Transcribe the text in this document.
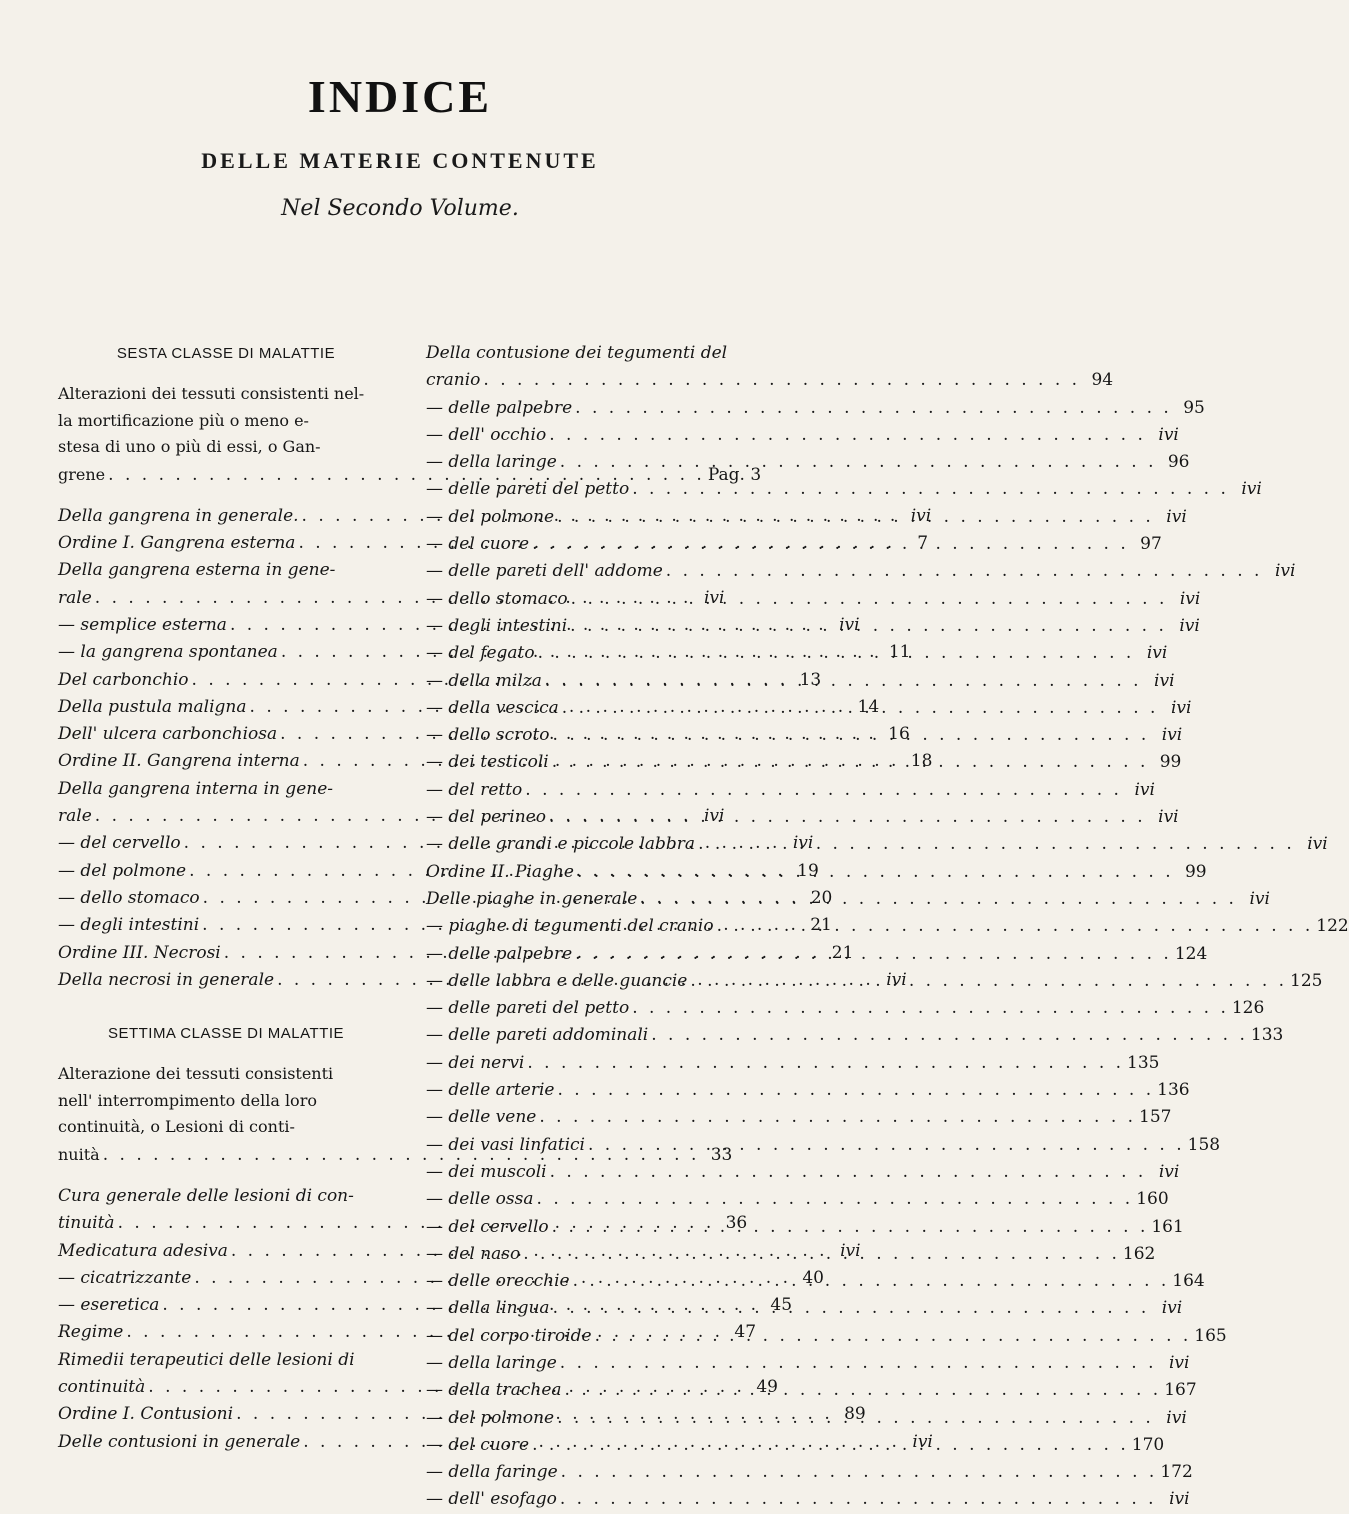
INDICE
DELLE MATERIE CONTENUTE
Nel Secondo Volume.
SESTA CLASSE DI MALATTIE
Alterazioni dei tessuti consistenti nel-
la mortificazione più o meno e-
stesa di uno o più di essi, o Gan-
grene . . .	Pag. 3
Della gangrena in generale. . . .	ivi
Ordine I. Gangrena esterna . . .	7
Della gangrena esterna in gene-
rale . . .	ivi
— semplice esterna . . .	ivi
— la gangrena spontanea . . .	11
Del carbonchio . . .	13
Della pustula maligna . . .	14
Dell' ulcera carbonchiosa . . .	16
Ordine II. Gangrena interna . . .	18
Della gangrena interna in gene-
rale . . .	ivi
— del cervello . . .	ivi
— del polmone . . .	19
— dello stomaco . . .	20
— degli intestini . . .	21
Ordine III. Necrosi . . .	21
Della necrosi in generale . . .	ivi
SETTIMA CLASSE DI MALATTIE
Alterazione dei tessuti consistenti
nell' interrompimento della loro
continuità, o Lesioni di conti-
nuità . . .	33
Cura generale delle lesioni di con-
tinuità . . .	36
Medicatura adesiva . . .	ivi
— cicatrizzante . . .	40
— eseretica . . .	45
Regime . . .	47
Rimedii terapeutici delle lesioni di
continuità . . .	49
Ordine I. Contusioni . . .	89
Delle contusioni in generale . . .	ivi
Della contusione dei tegumenti del
cranio . . .	94
— delle palpebre . . .	95
— dell' occhio . . .	ivi
— della laringe . . .	96
— delle pareti del petto . . .	ivi
— del polmone . . .	ivi
— del cuore . . .	97
— delle pareti dell' addome . . .	ivi
— dello stomaco . . .	ivi
— degli intestini . . .	ivi
— del fegato . . .	ivi
— della milza . . .	ivi
— della vescica . . .	ivi
— dello scroto . . .	ivi
— dei testicoli . . .	99
— del retto . . .	ivi
— del perineo . . .	ivi
— delle grandi e piccole labbra . . .	ivi
Ordine II. Piaghe . . .	99
Delle piaghe in generale . . .	ivi
— piaghe di tegumenti del cranio . . .	122
— delle palpebre . . .	124
— delle labbra e delle guancie . . .	125
— delle pareti del petto . . .	126
— delle pareti addominali . . .	133
— dei nervi . . .	135
— delle arterie . . .	136
— delle vene . . .	157
— dei vasi linfatici . . .	158
— dei muscoli . . .	ivi
— delle ossa . . .	160
— del cervello . . .	161
— del naso . . .	162
— delle orecchie . . .	164
— della lingua . . .	ivi
— del corpo tiroide . . .	165
— della laringe . . .	ivi
— della trachea . . .	167
— del polmone . . .	ivi
— del cuore . . .	170
— della faringe . . .	172
— dell' esofago . . .	ivi
